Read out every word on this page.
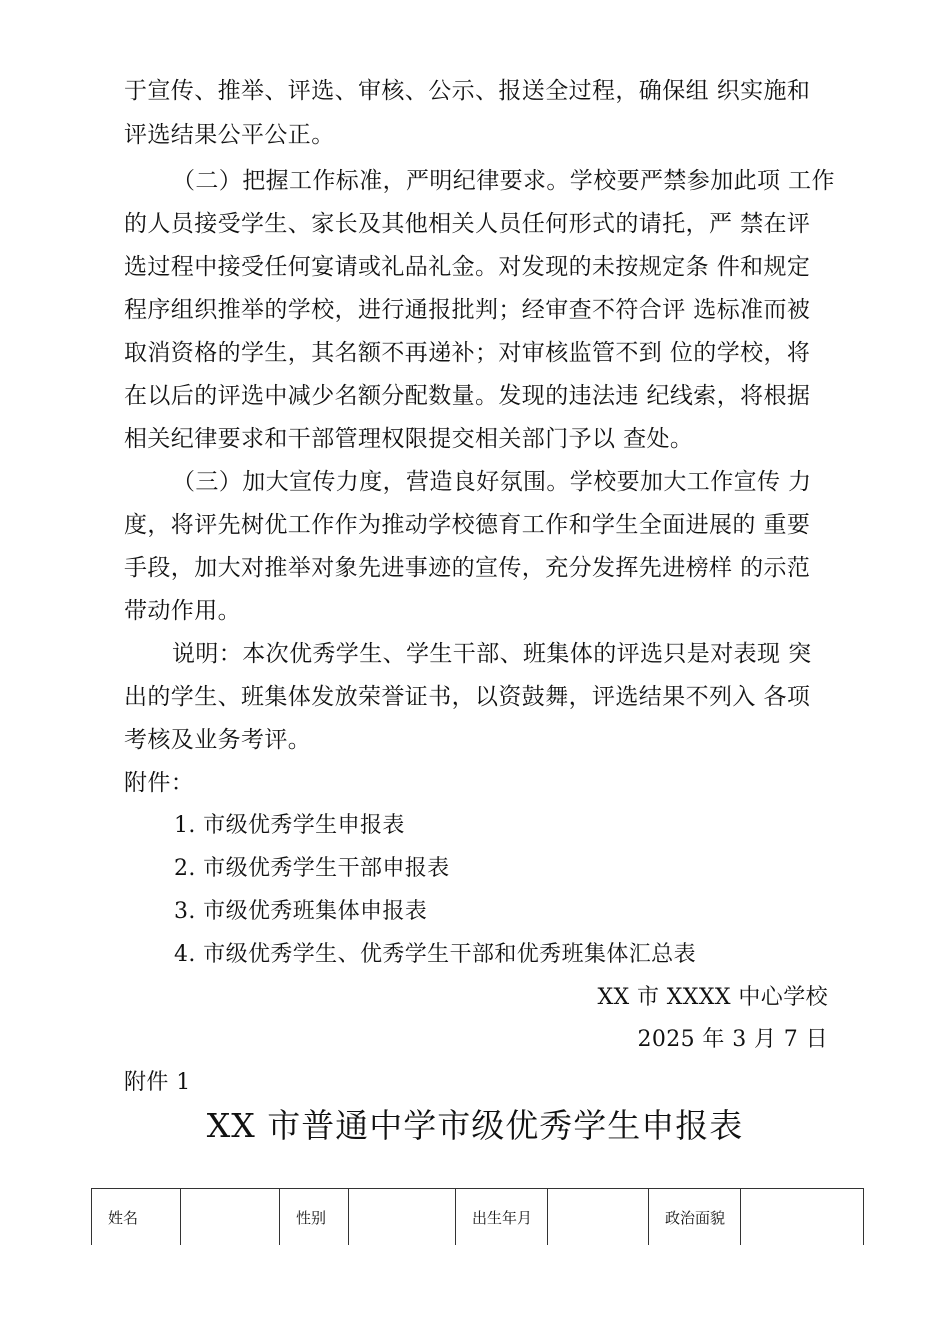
于宣传、推举、评选、审核、公示、报送全过程，确保组 织实施和
评选结果公平公正。
（二）把握工作标准，严明纪律要求。学校要严禁参加此项 工作
的人员接受学生、家长及其他相关人员任何形式的请托，严 禁在评
选过程中接受任何宴请或礼品礼金。对发现的未按规定条 件和规定
程序组织推举的学校，进行通报批判；经审查不符合评 选标准而被
取消资格的学生，其名额不再递补；对审核监管不到 位的学校，将
在以后的评选中减少名额分配数量。发现的违法违 纪线索，将根据
相关纪律要求和干部管理权限提交相关部门予以 查处。
（三）加大宣传力度，营造良好氛围。学校要加大工作宣传 力
度，将评先树优工作作为推动学校德育工作和学生全面进展的 重要
手段，加大对推举对象先进事迹的宣传，充分发挥先进榜样 的示范
带动作用。
说明：本次优秀学生、学生干部、班集体的评选只是对表现 突
出的学生、班集体发放荣誉证书，以资鼓舞，评选结果不列入 各项
考核及业务考评。
附件：
1. 市级优秀学生申报表
2. 市级优秀学生干部申报表
3. 市级优秀班集体申报表
4. 市级优秀学生、优秀学生干部和优秀班集体汇总表
XX 市 XXXX 中心学校
2025 年 3 月 7 日
附件 1
XX 市普通中学市级优秀学生申报表
姓名		性别		出生年月		政治面貌	
